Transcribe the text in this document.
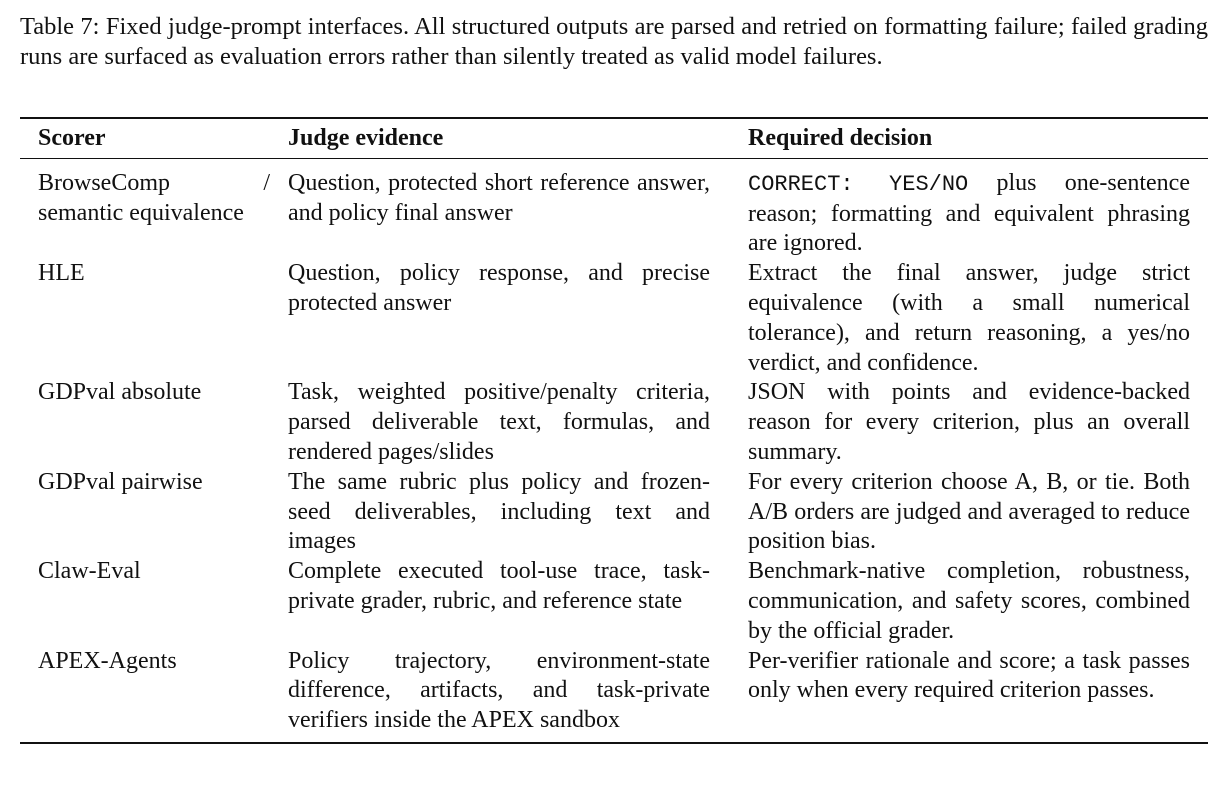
Table 7: Fixed judge-prompt interfaces. All structured outputs are parsed and retried on formatting failure; failed grading runs are surfaced as evaluation errors rather than silently treated as valid model failures.

Scorer	Judge evidence	Required decision
BrowseComp / semantic equivalence	Question, protected short reference answer, and policy final answer	CORRECT: YES/NO plus one-sentence reason; formatting and equivalent phrasing are ignored.
HLE	Question, policy response, and precise protected answer	Extract the final answer, judge strict equivalence (with a small numerical tolerance), and return reasoning, a yes/no verdict, and confidence.
GDPval absolute	Task, weighted positive/penalty criteria, parsed deliverable text, formulas, and rendered pages/slides	JSON with points and evidence-backed reason for every criterion, plus an overall summary.
GDPval pairwise	The same rubric plus policy and frozen-seed deliverables, including text and images	For every criterion choose A, B, or tie. Both A/B orders are judged and averaged to reduce position bias.
Claw-Eval	Complete executed tool-use trace, task-private grader, rubric, and reference state	Benchmark-native completion, robustness, communication, and safety scores, combined by the official grader.
APEX-Agents	Policy trajectory, environment-state difference, artifacts, and task-private verifiers inside the APEX sandbox	Per-verifier rationale and score; a task passes only when every required criterion passes.
